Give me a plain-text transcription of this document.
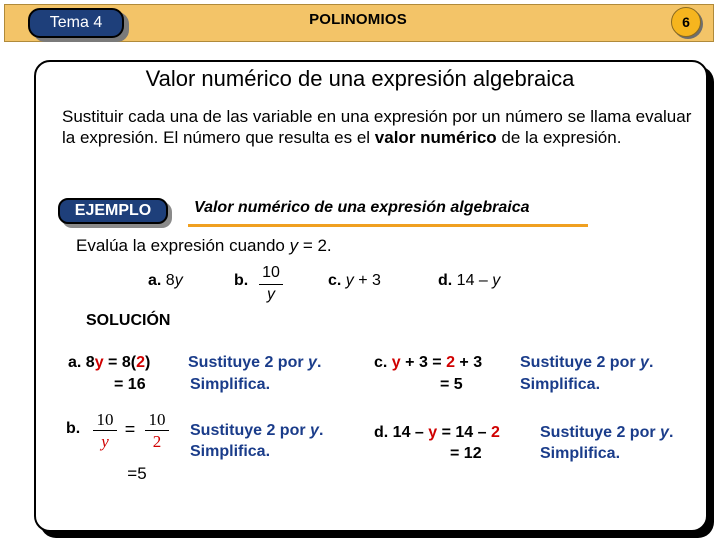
Tema 4	POLINOMIOS	6
Valor numérico de una expresión algebraica
Sustituir cada una de las variable en una expresión por un número se llama evaluar la expresión. El número que resulta es el valor numérico de la expresión.
EJEMPLO	Valor numérico de una expresión algebraica
Evalúa la expresión cuando y = 2.
a. 8y	b. 10
y
c. y + 3	d. 14 – y
SOLUCIÓN
a. 8y = 8(2)
= 16
Sustituye 2 por y.
Simplifica.
b. 10
y
= 10
2
=5
Sustituye 2 por y.
Simplifica.
c. y + 3 = 2 + 3
= 5
Sustituye 2 por y.
Simplifica.
d. 14 – y = 14 – 2
= 12
Sustituye 2 por y.
Simplifica.
